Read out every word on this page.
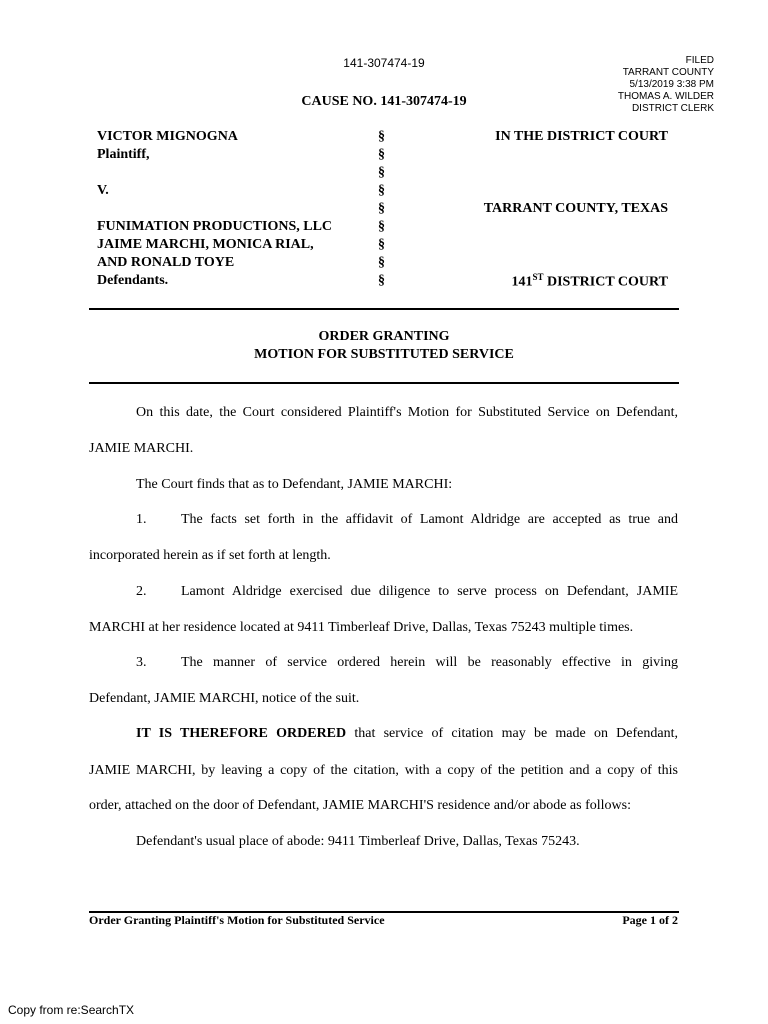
141-307474-19	FILED
TARRANT COUNTY
5/13/2019 3:38 PM
THOMAS A. WILDER
DISTRICT CLERK
CAUSE NO. 141-307474-19
VICTOR MIGNOGNA
Plaintiff,
V.
FUNIMATION PRODUCTIONS, LLC
JAIME MARCHI, MONICA RIAL,
AND RONALD TOYE
Defendants.
§
§
§
§
§
§
§
§
§
IN THE DISTRICT COURT
TARRANT COUNTY, TEXAS
141ST DISTRICT COURT
ORDER GRANTING
MOTION FOR SUBSTITUTED SERVICE
On this date, the Court considered Plaintiff's Motion for Substituted Service on Defendant,
JAMIE MARCHI.
The Court finds that as to Defendant, JAMIE MARCHI:
1. The facts set forth in the affidavit of Lamont Aldridge are accepted as true and
incorporated herein as if set forth at length.
2. Lamont Aldridge exercised due diligence to serve process on Defendant, JAMIE
MARCHI at her residence located at 9411 Timberleaf Drive, Dallas, Texas 75243 multiple times.
3. The manner of service ordered herein will be reasonably effective in giving
Defendant, JAMIE MARCHI, notice of the suit.
IT IS THEREFORE ORDERED that service of citation may be made on Defendant,
JAMIE MARCHI, by leaving a copy of the citation, with a copy of the petition and a copy of this
order, attached on the door of Defendant, JAMIE MARCHI'S residence and/or abode as follows:
Defendant's usual place of abode: 9411 Timberleaf Drive, Dallas, Texas 75243.
Order Granting Plaintiff's Motion for Substituted Service	Page 1 of 2
Copy from re:SearchTX
